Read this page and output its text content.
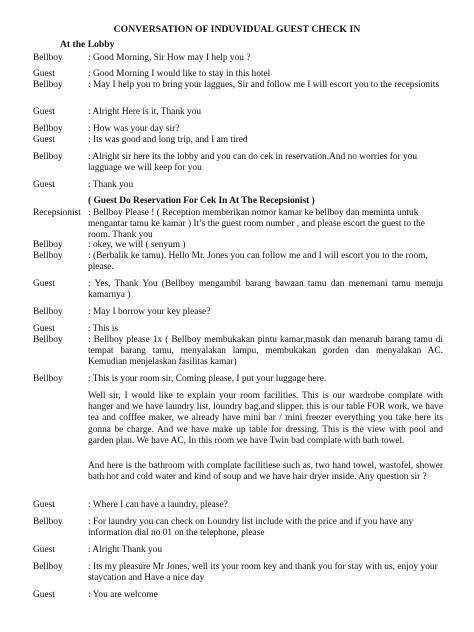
CONVERSATION OF INDUVIDUAL GUEST CHECK IN
At the Lobby
Bellboy	: Good Morning, Sir How may I help you ?
Guest	: Good Morning I would like to stay in this hotel
Bellboy	: May I help you to bring your laggues, Sir and follow me I will escort you to the recepsionits
Guest	: Alright Here is it, Thank you
Bellboy	: How was your day sir?
Guest	: Its was good and long trip, and I am tired
Bellboy	: Alright sir here its the lobby and you can do cek in reservation.And no worries for you lagguage we will keep for you
Guest	: Thank you
( Guest Do Reservation For Cek In At The Recepsionist )
Recepsionist : Bellboy Please ! ( Reception memberikan nomor kamar ke bellboy dan meminta untuk mengantar tamu ke kamar ) It’s the guest room number , and please escort the guest to the room. Thank you
Bellboy	: okey, we will ( senyum )
Bellboy	: (Berbalik ke tamu). Hello Mr. Jones you can follow me and I will escort you to the room, please.
Guest	: Yes, Thank You (Bellboy mengambil barang bawaan tamu dan menemani tamu menuju kamarnya )
Bellboy	: May I borrow your key please?
Guest	: This is
Bellboy	: Bellboy please 1x ( Bellboy membukakan pintu kamar,masuk dan menaruh barang tamu di tempat barang tamu, menyalakan lampu, membukakan gorden dan menyalakan AC. Kemudian menjelaskan fasilitas kamar)
Bellboy	: This is your room sir, Coming please, I put your luggage here.
Well sir, I would like to explain your room facilities. This is our wardrobe complate with hanger and we have laundry list, loundry bag,and slipper. this is our table FOR work, we have tea and cofffee maker, we already have mini bar / mini freezer everything you take here its gonna be charge. And we have make up table for dressing. This is the view with pool and garden plan. We have AC, In this room we have Twin bad complate with bath towel.
And here is the bathroom with complate facilitiese such as, two hand towel, wastofel, shower bath hot and cold water and kind of soup and we have hair dryer inside. Any question sir ?
Guest	: Where I can have a laundry, please?
Bellboy	: For laundry you can check on Loundry list include with the price and if you have any information dial no 01 on the telephone, please
Guest	: Alright Thank you
Bellboy	: Its my pleasure Mr Jones, well its your room key and thank you for stay with us, enjoy your staycation and Have a nice day
Guest	: You are welcome
